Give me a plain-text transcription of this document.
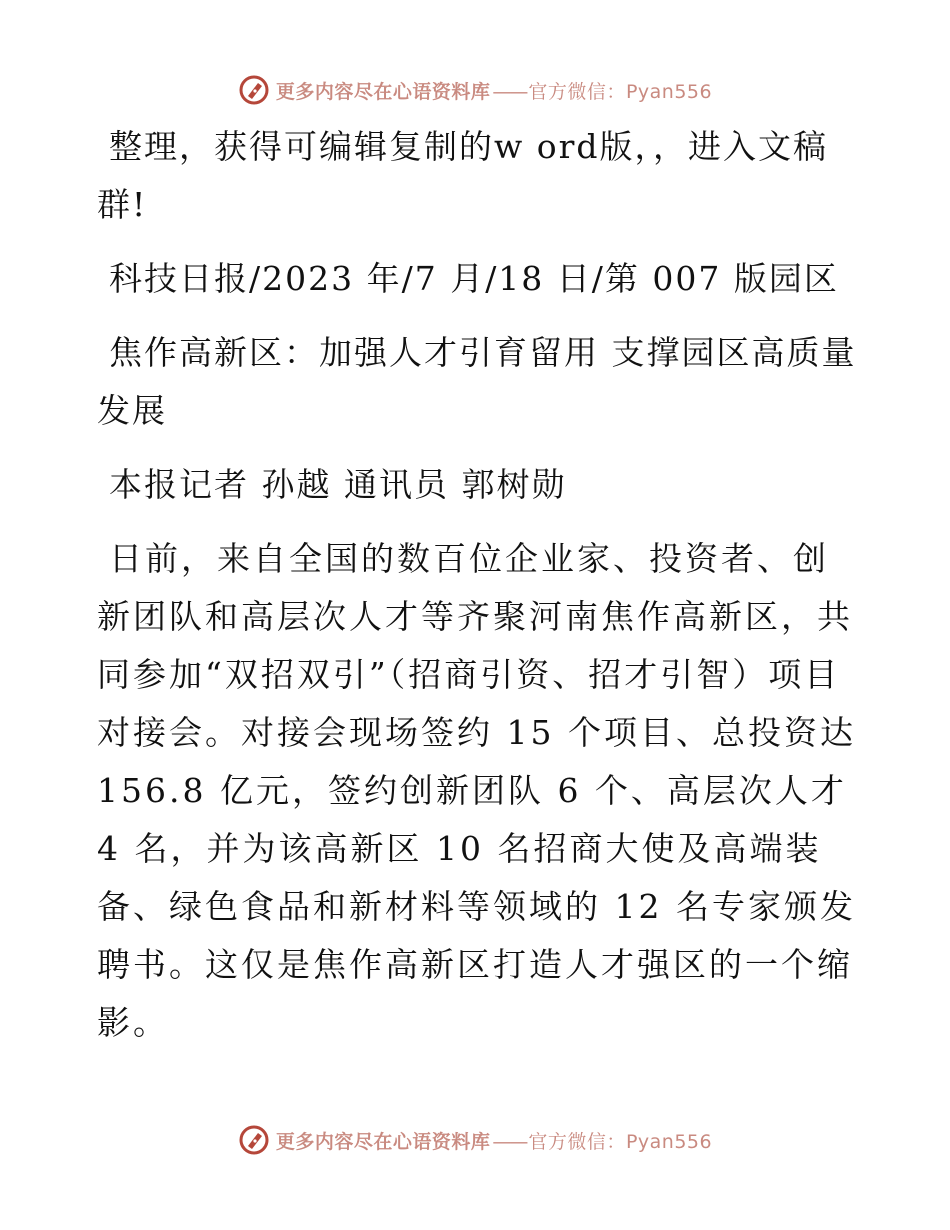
更多内容尽在心语资料库 —— 官方微信：Pyan556

整理，获得可编辑复制的w ord版，，进入文稿群!

科技日报/2023 年/7 月/18 日/第 007 版园区

焦作高新区：加强人才引育留用 支撑园区高质量发展

本报记者 孙越 通讯员 郭树勋

日前，来自全国的数百位企业家、投资者、创新团队和高层次人才等齐聚河南焦作高新区，共同参加“双招双引”（招商引资、招才引智）项目对接会。对接会现场签约 15 个项目、总投资达 156.8 亿元，签约创新团队 6 个、高层次人才 4 名，并为该高新区 10 名招商大使及高端装备、绿色食品和新材料等领域的 12 名专家颁发聘书。这仅是焦作高新区打造人才强区的一个缩影。

更多内容尽在心语资料库 —— 官方微信：Pyan556
